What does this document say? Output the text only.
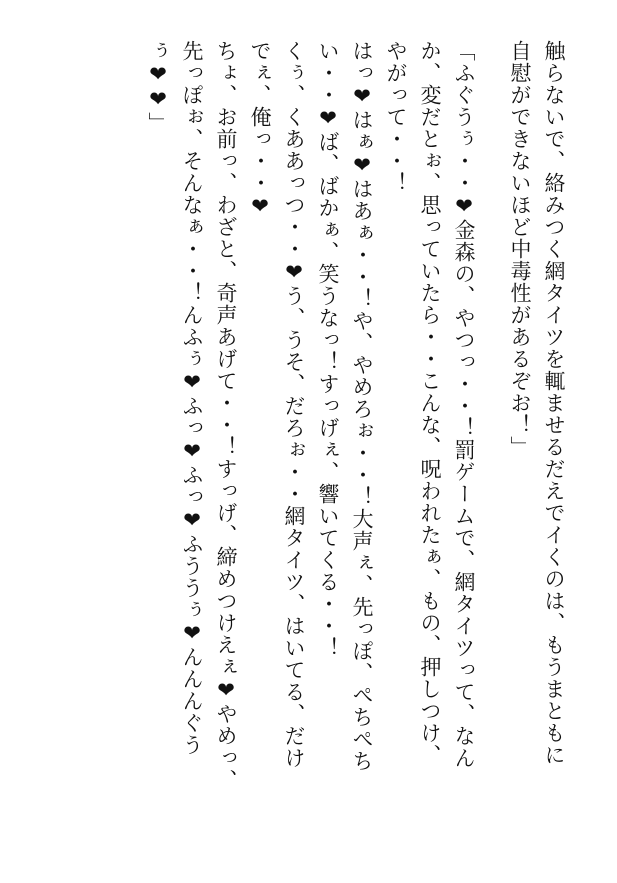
触らないで、絡みつく網タイツを輒ませるだえでイくのは、もうまともに
自慰ができないほど中毒性があるぞお！」
「ふぐうぅ・・❤金森の、やつっ・・！罰ゲームで、網タイツって、なん
か、変だとぉ、思っていたら・・こんな、呪われたぁ、もの、押しつけ、
やがって・・！
はっ❤はぁ❤はあぁ・・！や、やめろぉ・・！大声ぇ、先っぽ、ぺちぺち
い・・❤ば、ばかぁ、笑うなっ！すっげぇ、響いてくる・・！
くぅ、くああっつ・・❤う、うそ、だろぉ・・網タイツ、はいてる、だけ
でぇ、俺っ・・❤
ちょ、お前っ、わざと、奇声あげて・・！すっげ、締めつけえぇ❤やめっ、
先っぽぉ、そんなぁ・・！んふぅ❤ふっ❤ふっ❤ふううぅ❤んんんぐう
ぅ❤❤」
